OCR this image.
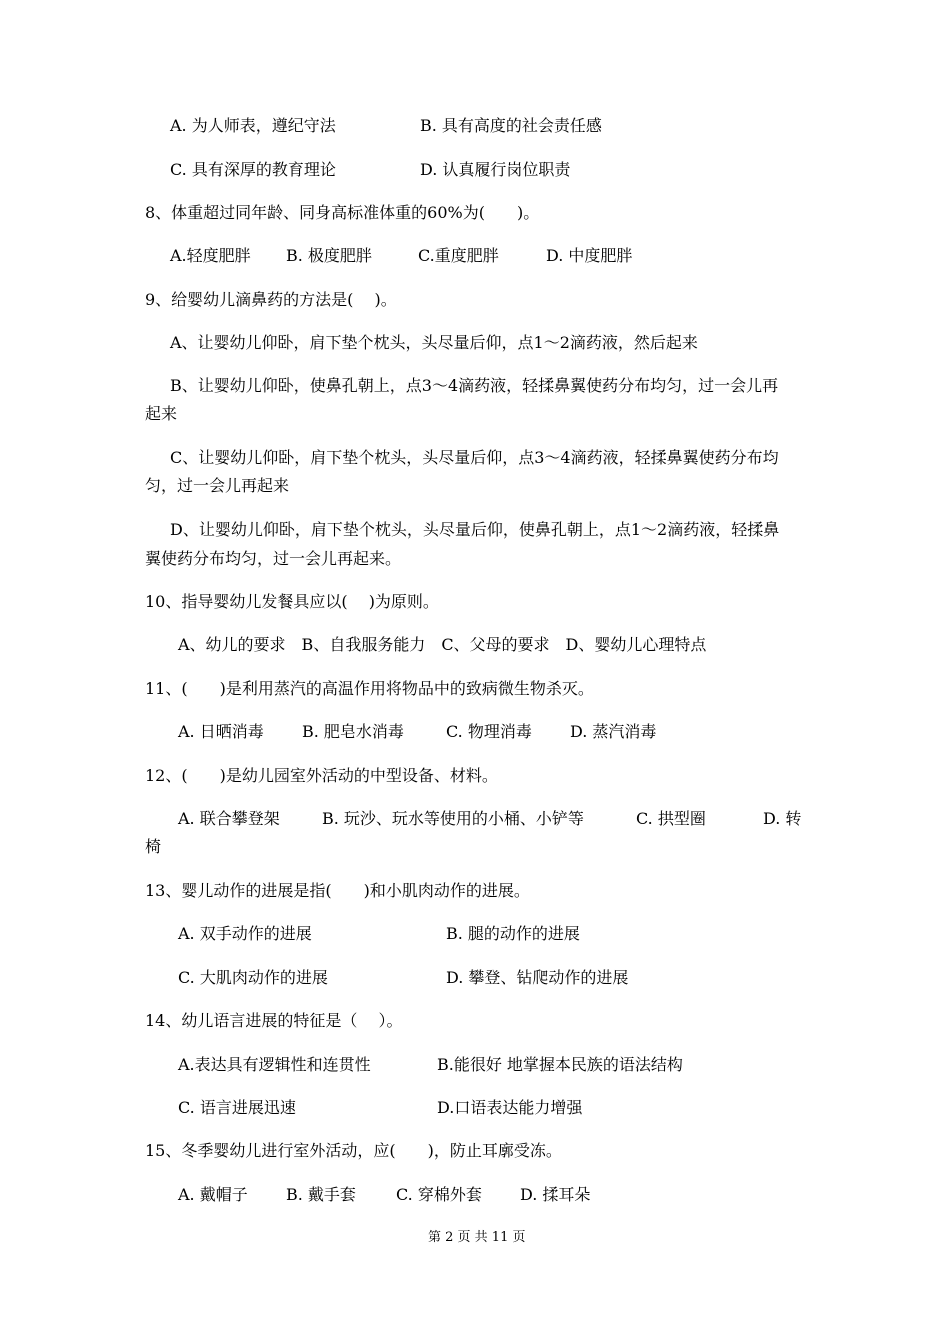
A. 为人师表，遵纪守法	B. 具有高度的社会责任感
C. 具有深厚的教育理论	D. 认真履行岗位职责
8、体重超过同年龄、同身高标准体重的60%为(　　)。
A.轻度肥胖 B. 极度肥胖	C.重度肥胖	D. 中度肥胖
9、给婴幼儿滴鼻药的方法是(　 )。
A、让婴幼儿仰卧，肩下垫个枕头，头尽量后仰，点1～2滴药液，然后起来
B、让婴幼儿仰卧，使鼻孔朝上，点3～4滴药液，轻揉鼻翼使药分布均匀，过一会儿再
起来
C、让婴幼儿仰卧，肩下垫个枕头，头尽量后仰，点3～4滴药液，轻揉鼻翼使药分布均
匀，过一会儿再起来
D、让婴幼儿仰卧，肩下垫个枕头，头尽量后仰，使鼻孔朝上，点1～2滴药液，轻揉鼻
翼使药分布均匀，过一会儿再起来。
10、指导婴幼儿发餐具应以(　 )为原则。
A、幼儿的要求　B、自我服务能力　C、父母的要求　D、婴幼儿心理特点
11、(　　)是利用蒸汽的高温作用将物品中的致病微生物杀灭。
A. 日晒消毒 B. 肥皂水消毒	C. 物理消毒 D. 蒸汽消毒
12、(　　)是幼儿园室外活动的中型设备、材料。
A. 联合攀登架	B. 玩沙、玩水等使用的小桶、小铲等	C. 拱型圈	D. 转
椅
13、婴儿动作的进展是指(　　)和小肌肉动作的进展。
A. 双手动作的进展	B. 腿的动作的进展
C. 大肌肉动作的进展	D. 攀登、钻爬动作的进展
14、幼儿语言进展的特征是（　 ）。
A.表达具有逻辑性和连贯性	B.能很好 地掌握本民族的语法结构
C. 语言进展迅速	D.口语表达能力增强
15、冬季婴幼儿进行室外活动，应(　　)，防止耳廓受冻。
A. 戴帽子 B. 戴手套	C. 穿棉外套 D. 揉耳朵
第 2 页 共 11 页
